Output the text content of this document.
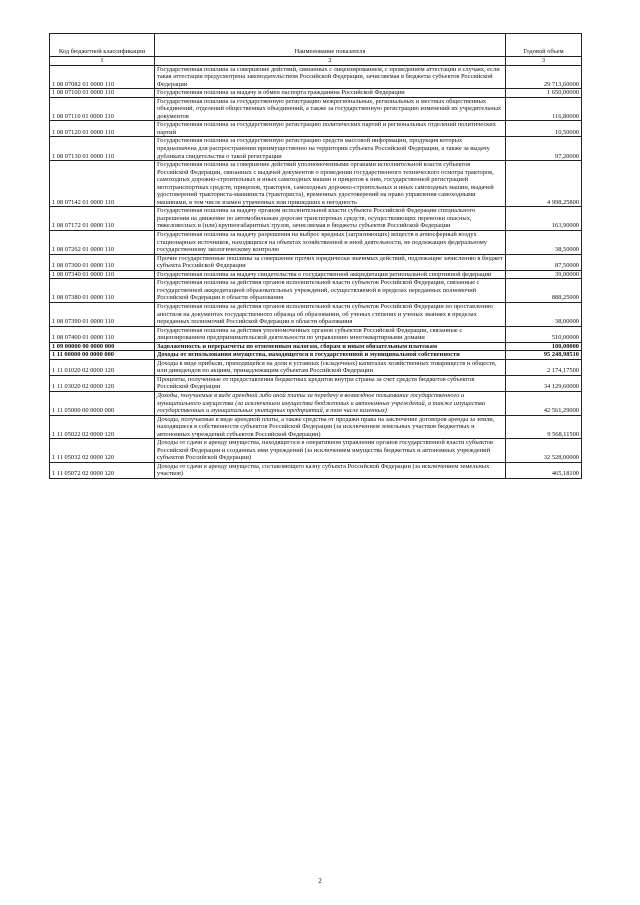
Код бюджетной классификации	Наименование показателя	Годовой объем
1	2	3
1 08 07082 01 0000 110	Государственная пошлина за совершение действий, связанных с лицензированием, с проведением аттестации в случаях, если такая аттестация предусмотрена законодательством Российской Федерации, зачисляемая в бюджеты субъектов Российской Федерации	29 713,60000
1 08 07100 01 0000 110	Государственная пошлина за выдачу и обмен паспорта гражданина Российской Федерации	1 650,00000
1 08 07110 01 0000 110	Государственная пошлина за государственную регистрацию межрегиональных, региональных и местных общественных объединений, отделений общественных объединений, а также за государственную регистрацию изменений их учредительных документов	116,80000
1 08 07120 01 0000 110	Государственная пошлина за государственную регистрацию политических партий и региональных отделений политических партий	10,50000
1 08 07130 01 0000 110	Государственная пошлина за государственную регистрацию средств массовой информации, продукция которых предназначена для распространения преимущественно на территории субъекта Российской Федерации, а также за выдачу дубликата свидетельства о такой регистрации	97,20000
1 08 07142 01 0000 110	Государственная пошлина за совершение действий уполномоченными органами исполнительной власти субъектов Российской Федерации, связанных с выдачей документов о проведении государственного технического осмотра тракторов, самоходных дорожно-строительных и иных самоходных машин и прицепов к ним, государственной регистрацией мототранспортных средств, прицепов, тракторов, самоходных дорожно-строительных и иных самоходных машин, выдачей удостоверений тракториста-машиниста (тракториста), временных удостоверений на право управления самоходными машинами, в том числе взамен утраченных или пришедших в негодность	4 998,25800
1 08 07172 01 0000 110	Государственная пошлина за выдачу органом исполнительной власти субъекта Российской Федерации специального разрешения на движение по автомобильным дорогам транспортных средств, осуществляющих перевозки опасных, тяжеловесных и (или) крупногабаритных грузов, зачисляемая в бюджеты субъектов Российской Федерации	163,90000
1 08 07262 01 0000 110	Государственная пошлина за выдачу разрешения на выброс вредных (загрязняющих) веществ в атмосферный воздух стационарных источников, находящихся на объектах хозяйственной и иной деятельности, не подлежащих федеральному государственному экологическому контролю	38,50000
1 08 07300 01 0000 110	Прочие государственные пошлины за совершение прочих юридически значимых действий, подлежащие зачислению в бюджет субъекта Российской Федерации	87,50000
1 08 07340 01 0000 110	Государственная пошлина за выдачу свидетельства о государственной аккредитации региональной спортивной федерации	39,00000
1 08 07380 01 0000 110	Государственная пошлина за действия органов исполнительной власти субъектов Российской Федерации, связанные с государственной аккредитацией образовательных учреждений, осуществляемой в пределах переданных полномочий Российской Федерации в области образования	888,25000
1 08 07390 01 0000 110	Государственная пошлина за действия органов исполнительной власти субъектов Российской Федерации по проставлению апостиля на документах государственного образца об образовании, об ученых степенях и ученых званиях в пределах переданных полномочий Российской Федерации в области образования	38,00000
1 08 07400 01 0000 110	Государственная пошлина за действия уполномоченных органов субъектов Российской Федерации, связанные с лицензированием предпринимательской деятельности по управлению многоквартирными домами	510,00000
1 09 00000 00 0000 000	Задолженность и перерасчеты по отмененным налогам, сборам и иным обязательным платежам	100,00000
1 11 00000 00 0000 000	Доходы от использования имущества, находящегося в государственной и муниципальной собственности	95 248,98510
1 11 01020 02 0000 120	Доходы в виде прибыли, приходящейся на доли в уставных (складочных) капиталах хозяйственных товариществ и обществ, или дивидендов по акциям, принадлежащим субъектам Российской Федерации	2 174,17500
1 11 03020 02 0000 120	Проценты, полученные от предоставления бюджетных кредитов внутри страны за счет средств бюджетов субъектов Российской Федерации	34 129,60000
1 11 05000 00 0000 000	Доходы, получаемые в виде арендной либо иной платы за передачу в возмездное пользование государственного и муниципального имущества (за исключением имущества бюджетных и автономных учреждений, а также имущества государственных и муниципальных унитарных предприятий, в том числе казенных)	42 561,29000
1 11 05022 02 0000 120	Доходы, получаемые в виде арендной платы, а также средства от продажи права на заключение договоров аренды за земли, находящиеся в собственности субъектов Российской Федерации (за исключением земельных участков бюджетных и автономных учреждений субъектов Российской Федерации)	9 568,11500
1 11 05032 02 0000 120	Доходы от сдачи в аренду имущества, находящегося в оперативном управлении органов государственной власти субъектов Российской Федерации и созданных ими учреждений (за исключением имущества бюджетных и автономных учреждений субъектов Российской Федерации)	32 528,00000
1 11 05072 02 0000 120	Доходы от сдачи в аренду имущества, составляющего казну субъекта Российской Федерации (за исключением земельных участков)	465,18100
2
